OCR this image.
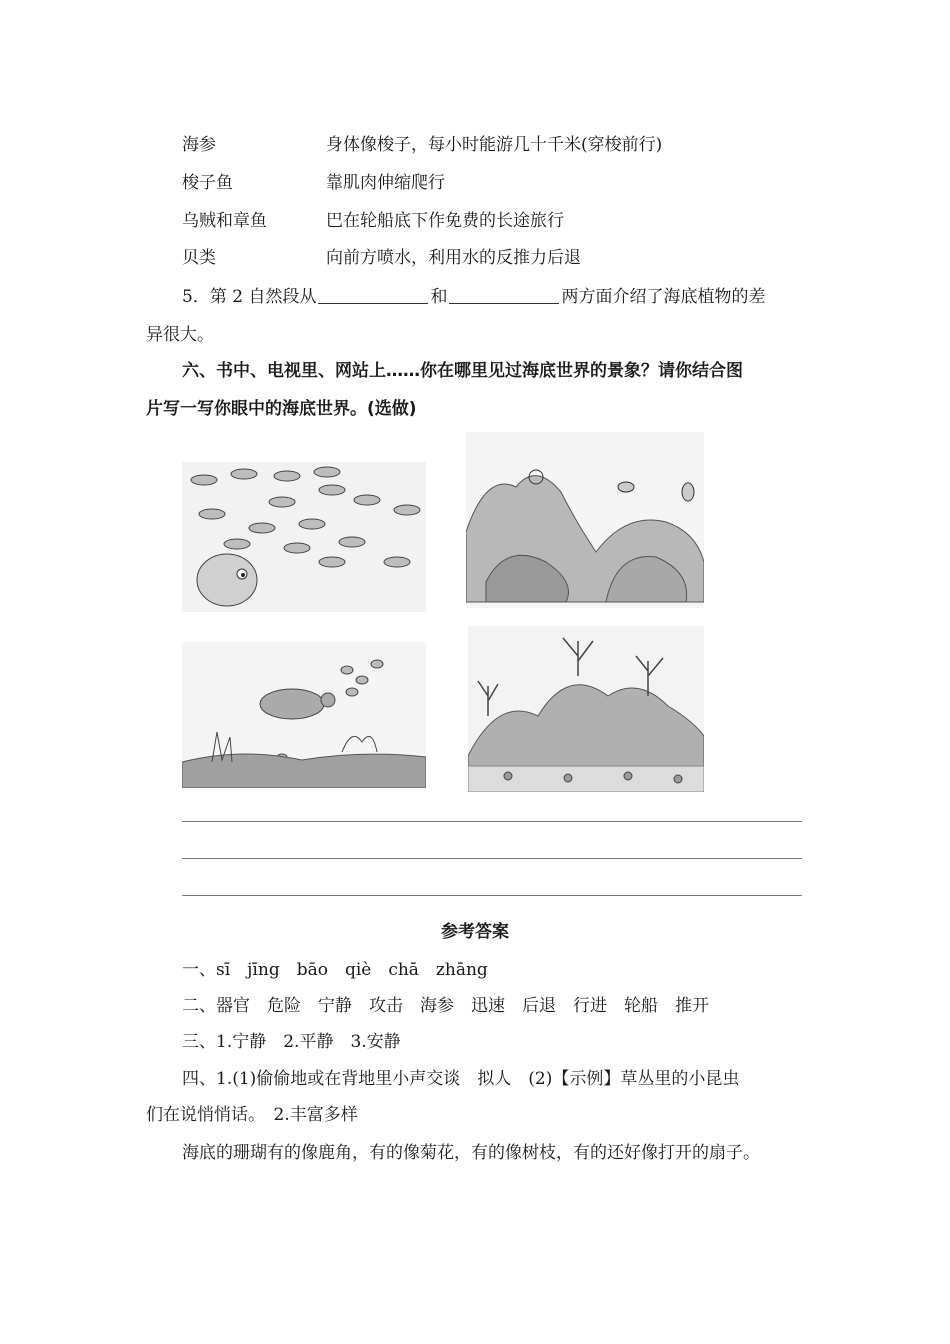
海参	身体像梭子，每小时能游几十千米(穿梭前行)
梭子鱼	靠肌肉伸缩爬行
乌贼和章鱼	巴在轮船底下作免费的长途旅行
贝类	向前方喷水，利用水的反推力后退
5．第 2 自然段从	和	两方面介绍了海底植物的差
异很大。
六、书中、电视里、网站上……你在哪里见过海底世界的景象？请你结合图
片写一写你眼中的海底世界。(选做)
参考答案
一、sī　jīng　bāo　qiè　chā　zhāng
二、器官　危险　宁静　攻击　海参　迅速　后退　行进　轮船　推开
三、1.宁静　2.平静　3.安静
四、1.(1)偷偷地或在背地里小声交谈　拟人　(2)【示例】草丛里的小昆虫
们在说悄悄话。　2.丰富多样
海底的珊瑚有的像鹿角，有的像菊花，有的像树枝，有的还好像打开的扇子。
